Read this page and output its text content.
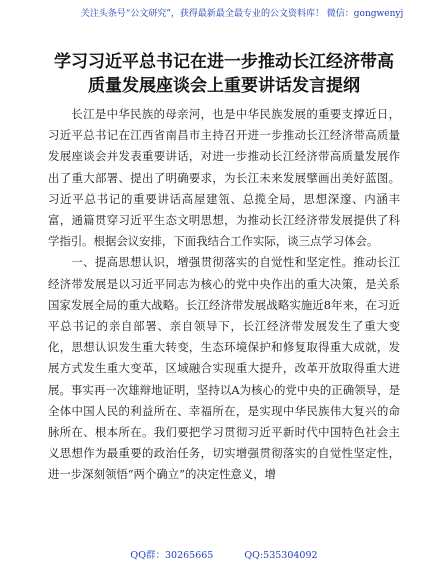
关注头条号“公文研究”，获得最新最全最专业的公文资料库！ 微信：gongwenyj
学习习近平总书记在进一步推动长江经济带高
质量发展座谈会上重要讲话发言提纲
长江是中华民族的母亲河，也是中华民族发展的重要支撑近日，习近平总书记在江西省南昌市主持召开进一步推动长江经济带高质量发展座谈会并发表重要讲话，对进一步推动长江经济带高质量发展作出了重大部署、提出了明确要求，为长江未来发展擘画出美好蓝图。习近平总书记的重要讲话高屋建瓴、总揽全局，思想深邃、内涵丰富，通篇贯穿习近平生态文明思想，为推动长江经济带发展提供了科学指引。根据会议安排，下面我结合工作实际，谈三点学习体会。
一、提高思想认识，增强贯彻落实的自觉性和坚定性。推动长江经济带发展是以习近平同志为核心的党中央作出的重大决策，是关系国家发展全局的重大战略。长江经济带发展战略实施近8年来，在习近平总书记的亲自部署、亲自领导下，长江经济带发展发生了重大变化，思想认识发生重大转变，生态环境保护和修复取得重大成就，发展方式发生重大变革，区域融合实现重大提升，改革开放取得重大进展。事实再一次雄辩地证明，坚持以A为核心的党中央的正确领导，是全体中国人民的利益所在、幸福所在，是实现中华民族伟大复兴的命脉所在、根本所在。我们要把学习贯彻习近平新时代中国特色社会主义思想作为最重要的政治任务，切实增强贯彻落实的自觉性坚定性，进一步深刻领悟“两个确立”的决定性意义，增
QQ群：30265665	QQ:535304092
